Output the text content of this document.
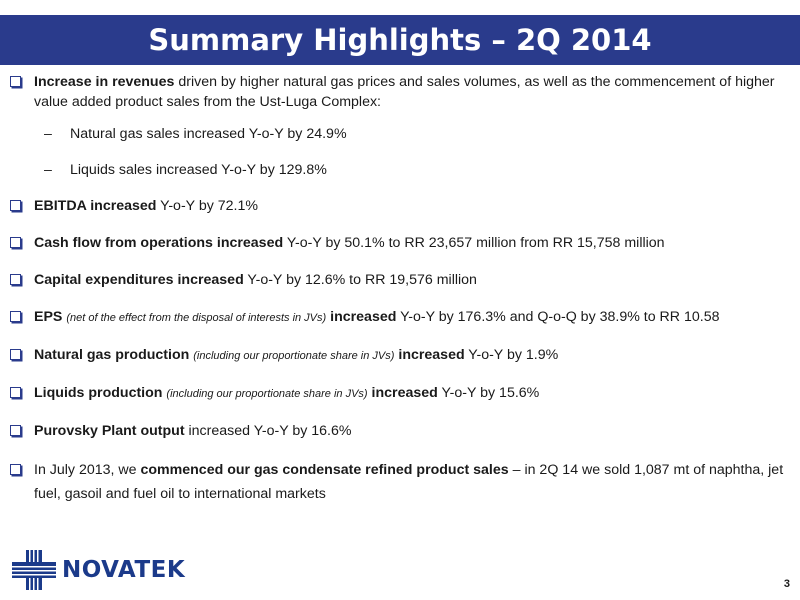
Summary Highlights – 2Q 2014

Increase in revenues driven by higher natural gas prices and sales volumes, as well as the commencement of higher value added product sales from the Ust-Luga Complex:

– Natural gas sales increased Y-o-Y by 24.9%

– Liquids sales increased Y-o-Y by 129.8%

EBITDA increased Y-o-Y by 72.1%

Cash flow from operations increased Y-o-Y by 50.1% to RR 23,657 million from RR 15,758 million

Capital expenditures increased Y-o-Y by 12.6% to RR 19,576 million

EPS (net of the effect from the disposal of interests in JVs) increased Y-o-Y by 176.3% and Q-o-Q by 38.9% to RR 10.58

Natural gas production (including our proportionate share in JVs) increased Y-o-Y by 1.9%

Liquids production (including our proportionate share in JVs) increased Y-o-Y by 15.6%

Purovsky Plant output increased Y-o-Y by 16.6%

In July 2013, we commenced our gas condensate refined product sales – in 2Q 14 we sold 1,087 mt of naphtha, jet fuel, gasoil and fuel oil to international markets

NOVATEK
3
